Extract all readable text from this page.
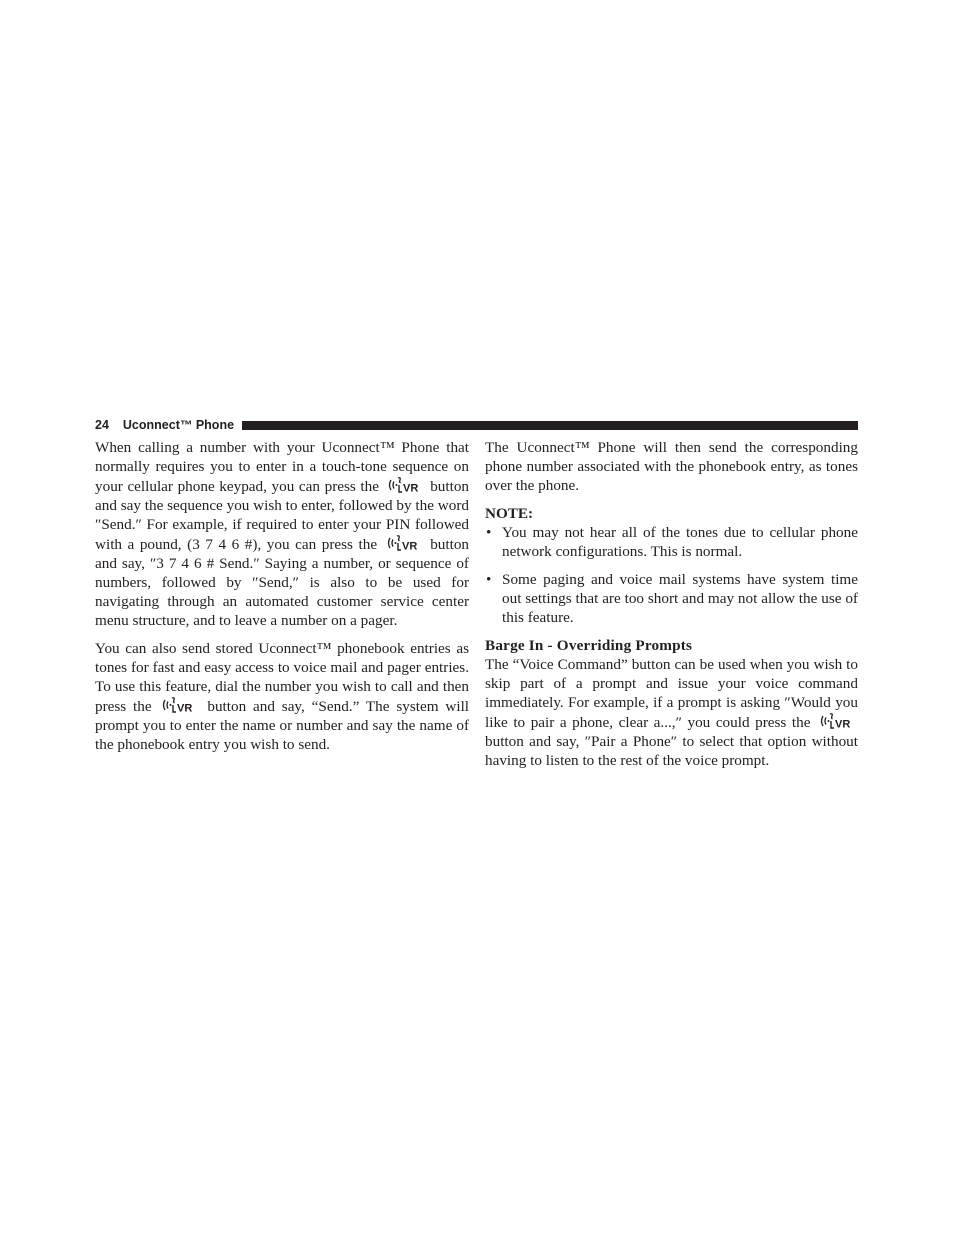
24 Uconnect™ Phone

When calling a number with your Uconnect™ Phone that normally requires you to enter in a touch-tone sequence on your cellular phone keypad, you can press the	button and say the sequence you wish to enter, followed by the word ″Send.″ For example, if required to enter your PIN followed with a pound, (3 7 4 6 #), you can press the	button and say, ″3 7 4 6 # Send.″ Saying a number, or sequence of numbers, followed by ″Send,″ is also to be used for navigating through an automated customer service center menu structure, and to leave a number on a pager.

You can also send stored Uconnect™ phonebook entries as tones for fast and easy access to voice mail and pager entries. To use this feature, dial the number you wish to call and then press the	button and say, “Send.” The system will prompt you to enter the name or number and say the name of the phonebook entry you wish to send.

The Uconnect™ Phone will then send the corresponding phone number associated with the phonebook entry, as tones over the phone.

NOTE:
• You may not hear all of the tones due to cellular phone network configurations. This is normal.
• Some paging and voice mail systems have system time out settings that are too short and may not allow the use of this feature.
Barge In - Overriding Prompts

The “Voice Command” button can be used when you wish to skip part of a prompt and issue your voice command immediately. For example, if a prompt is asking ″Would you like to pair a phone, clear a...,″ you could press the
button and say, ″Pair a Phone″ to select that option without having to listen to the rest of the voice prompt.
